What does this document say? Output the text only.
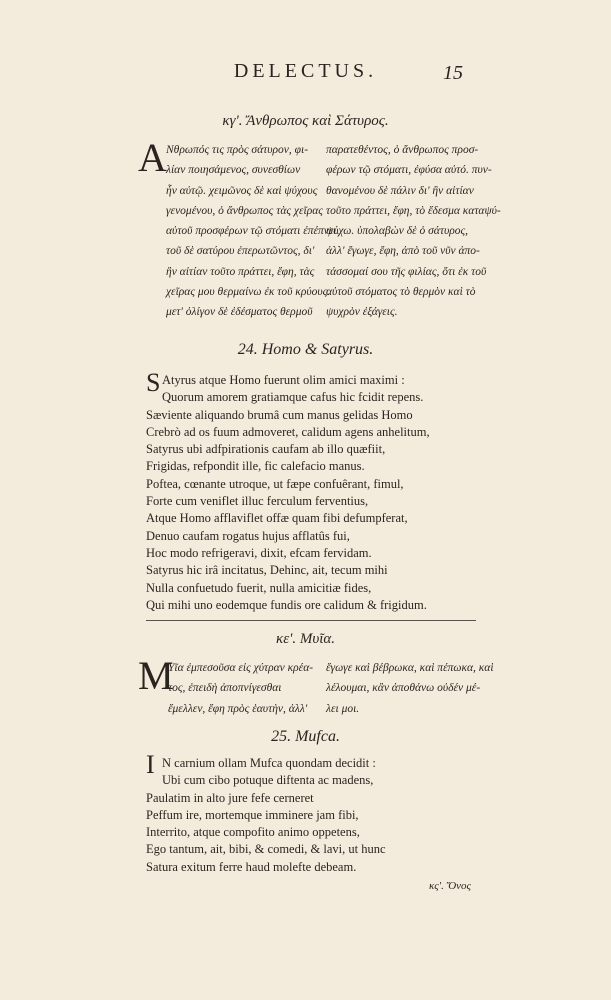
DELECTUS.	15
κγ'. Ἄνθρωπος καὶ Σάτυρος.
Α Νθρωπός τις πρὸς σάτυρον, φι-
λίαν ποιησάμενος, συνεσθίων
ἦν αὐτῷ. χειμῶνος δὲ καὶ ψύχους
γενομένου, ὁ ἄνθρωπος τὰς χεῖρας
αὐτοῦ προσφέρων τῷ στόματι ἐπέπνει.
τοῦ δὲ σατύρου ἐπερωτῶντος, δι'
ἣν αἰτίαν τοῦτο πράττει, ἔφη, τὰς
χεῖρας μου θερμαίνω ἐκ τοῦ κρύους.
μετ' ὀλίγον δὲ ἐδέσματος θερμοῦ
παρατεθέντος, ὁ ἄνθρωπος προσ-
φέρων τῷ στόματι, ἐφύσα αὐτό. πυν-
θανομένου δὲ πάλιν δι' ἣν αἰτίαν
τοῦτο πράττει, ἔφη, τὸ ἔδεσμα καταψύ-
ψύχω. ὑπολαβὼν δὲ ὁ σάτυρος,
ἀλλ' ἔγωγε, ἔφη, ἀπὸ τοῦ νῦν ἀπο-
τάσσομαί σου τῆς φιλίας, ὅτι ἐκ τοῦ
αὐτοῦ στόματος τὸ θερμὸν καὶ τὸ
ψυχρὸν ἐξάγεις.
24. Homo & Satyrus.
S Atyrus atque Homo fuerunt olim amici maximi :
Quorum amorem gratiamque cafus hic fcidit repens.
Sæviente aliquando brumâ cum manus gelidas Homo
Crebrò ad os fuum admoveret, calidum agens anhelitum,
Satyrus ubi adfpirationis caufam ab illo quæfiit,
Frigidas, refpondit ille, fic calefacio manus.
Poftea, cœnante utroque, ut fæpe confuêrant, fimul,
Forte cum veniflet illuc ferculum ferventius,
Atque Homo afflaviflet offæ quam fibi defumpferat,
Denuo caufam rogatus hujus afflatûs fui,
Hoc modo refrigeravi, dixit, efcam fervidam.
Satyrus hic irâ incitatus, Dehinc, ait, tecum mihi
Nulla confuetudo fuerit, nulla amicitiæ fides,
Qui mihi uno eodemque fundis ore calidum & frigidum.
κε'. Μυῖα.
Μ
Υῖα ἐμπεσοῦσα εἰς χύτραν κρέα-
τος, ἐπειδὴ ἀποπνίγεσθαι
ἔμελλεν, ἔφη πρὸς ἑαυτὴν, ἀλλ'
ἔγωγε καὶ βέβρωκα, καὶ πέπωκα, καὶ
λέλουμαι, κἂν ἀποθάνω οὐδέν μέ-
λει μοι.
25. Mufca.
I N carnium ollam Mufca quondam decidit :
Ubi cum cibo potuque diftenta ac madens,
Paulatim in alto jure fefe cerneret
Peffum ire, mortemque imminere jam fibi,
Interrito, atque compofito animo oppetens,
Ego tantum, ait, bibi, & comedi, & lavi, ut hunc
Satura exitum ferre haud molefte debeam.
κς'. Ὄνος
